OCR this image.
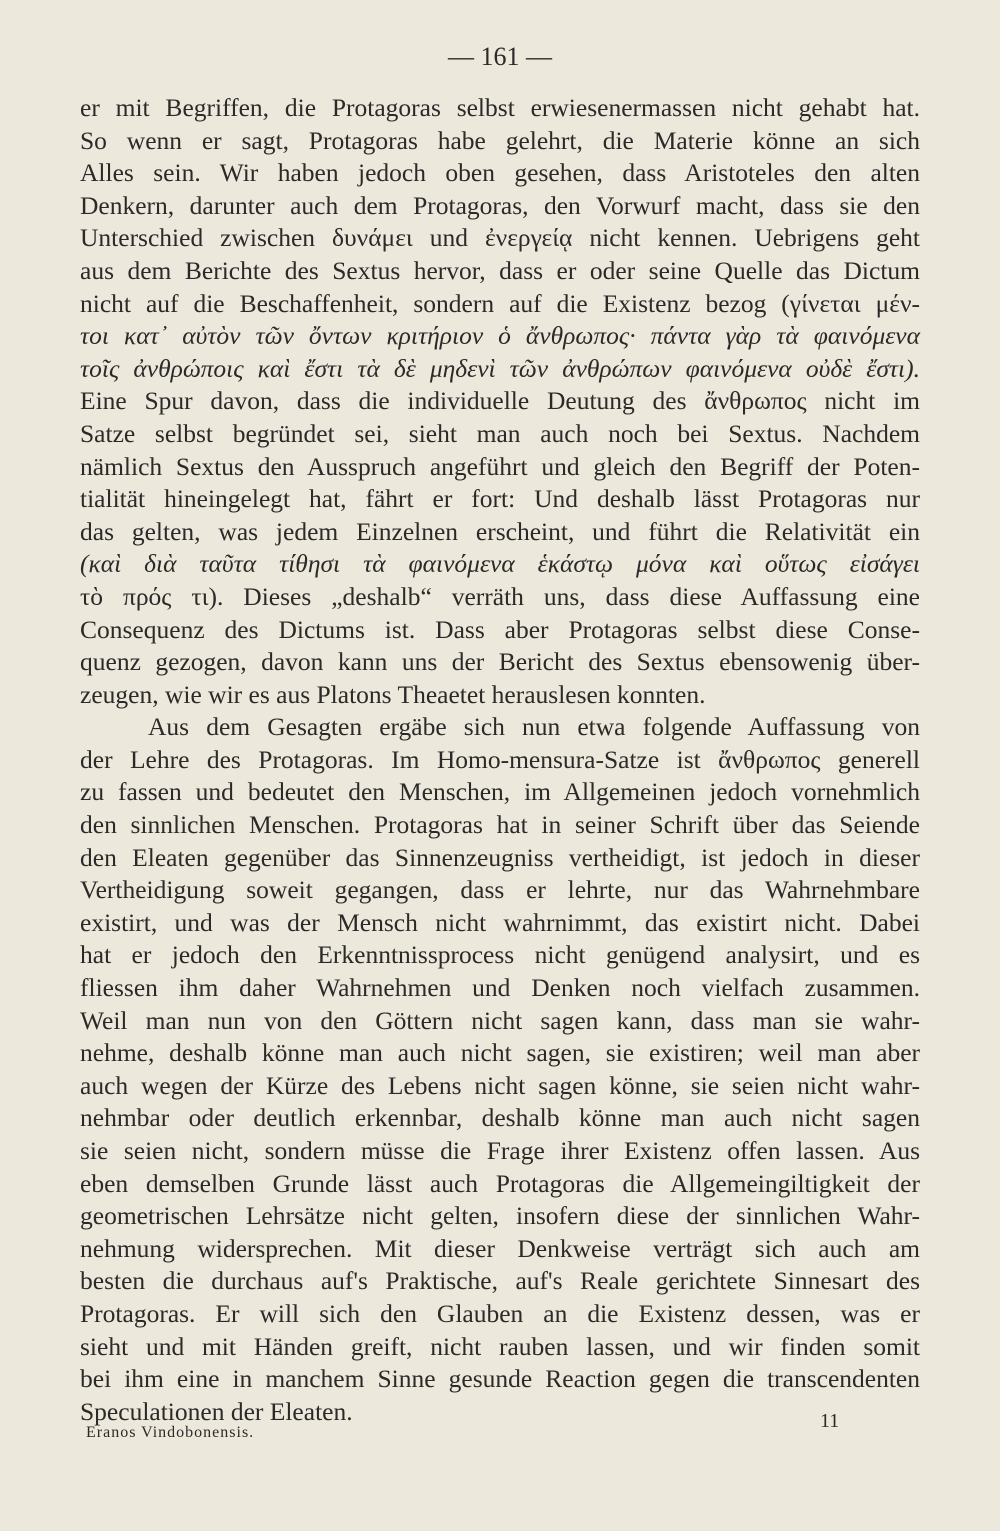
— 161 —
er mit Begriffen, die Protagoras selbst erwiesenermassen nicht gehabt hat.
So wenn er sagt, Protagoras habe gelehrt, die Materie könne an sich
Alles sein. Wir haben jedoch oben gesehen, dass Aristoteles den alten
Denkern, darunter auch dem Protagoras, den Vorwurf macht, dass sie den
Unterschied zwischen δυνάμει und ἐνεργείᾳ nicht kennen. Uebrigens geht
aus dem Berichte des Sextus hervor, dass er oder seine Quelle das Dictum
nicht auf die Beschaffenheit, sondern auf die Existenz bezog (γίνεται μέν-
τοι κατ᾽ αὐτὸν τῶν ὄντων κριτήριον ὁ ἄνθρωπος· πάντα γὰρ τὰ φαινόμενα
τοῖς ἀνθρώποις καὶ ἔστι τὰ δὲ μηδενὶ τῶν ἀνθρώπων φαινόμενα οὐδὲ ἔστι).
Eine Spur davon, dass die individuelle Deutung des ἄνθρωπος nicht im
Satze selbst begründet sei, sieht man auch noch bei Sextus. Nachdem
nämlich Sextus den Ausspruch angeführt und gleich den Begriff der Poten-
tialität hineingelegt hat, fährt er fort: Und deshalb lässt Protagoras nur
das gelten, was jedem Einzelnen erscheint, und führt die Relativität ein
(καὶ διὰ ταῦτα τίθησι τὰ φαινόμενα ἑκάστῳ μόνα καὶ οὕτως εἰσάγει
τὸ πρός τι). Dieses „deshalb“ verräth uns, dass diese Auffassung eine
Consequenz des Dictums ist. Dass aber Protagoras selbst diese Conse-
quenz gezogen, davon kann uns der Bericht des Sextus ebensowenig über-
zeugen, wie wir es aus Platons Theaetet herauslesen konnten.
Aus dem Gesagten ergäbe sich nun etwa folgende Auffassung von
der Lehre des Protagoras. Im Homo-mensura-Satze ist ἄνθρωπος generell
zu fassen und bedeutet den Menschen, im Allgemeinen jedoch vornehmlich
den sinnlichen Menschen. Protagoras hat in seiner Schrift über das Seiende
den Eleaten gegenüber das Sinnenzeugniss vertheidigt, ist jedoch in dieser
Vertheidigung soweit gegangen, dass er lehrte, nur das Wahrnehmbare
existirt, und was der Mensch nicht wahrnimmt, das existirt nicht. Dabei
hat er jedoch den Erkenntnissprocess nicht genügend analysirt, und es
fliessen ihm daher Wahrnehmen und Denken noch vielfach zusammen.
Weil man nun von den Göttern nicht sagen kann, dass man sie wahr-
nehme, deshalb könne man auch nicht sagen, sie existiren; weil man aber
auch wegen der Kürze des Lebens nicht sagen könne, sie seien nicht wahr-
nehmbar oder deutlich erkennbar, deshalb könne man auch nicht sagen
sie seien nicht, sondern müsse die Frage ihrer Existenz offen lassen. Aus
eben demselben Grunde lässt auch Protagoras die Allgemeingiltigkeit der
geometrischen Lehrsätze nicht gelten, insofern diese der sinnlichen Wahr-
nehmung widersprechen. Mit dieser Denkweise verträgt sich auch am
besten die durchaus auf's Praktische, auf's Reale gerichtete Sinnesart des
Protagoras. Er will sich den Glauben an die Existenz dessen, was er
sieht und mit Händen greift, nicht rauben lassen, und wir finden somit
bei ihm eine in manchem Sinne gesunde Reaction gegen die transcendenten
Speculationen der Eleaten.
Eranos Vindobonensis.
11
